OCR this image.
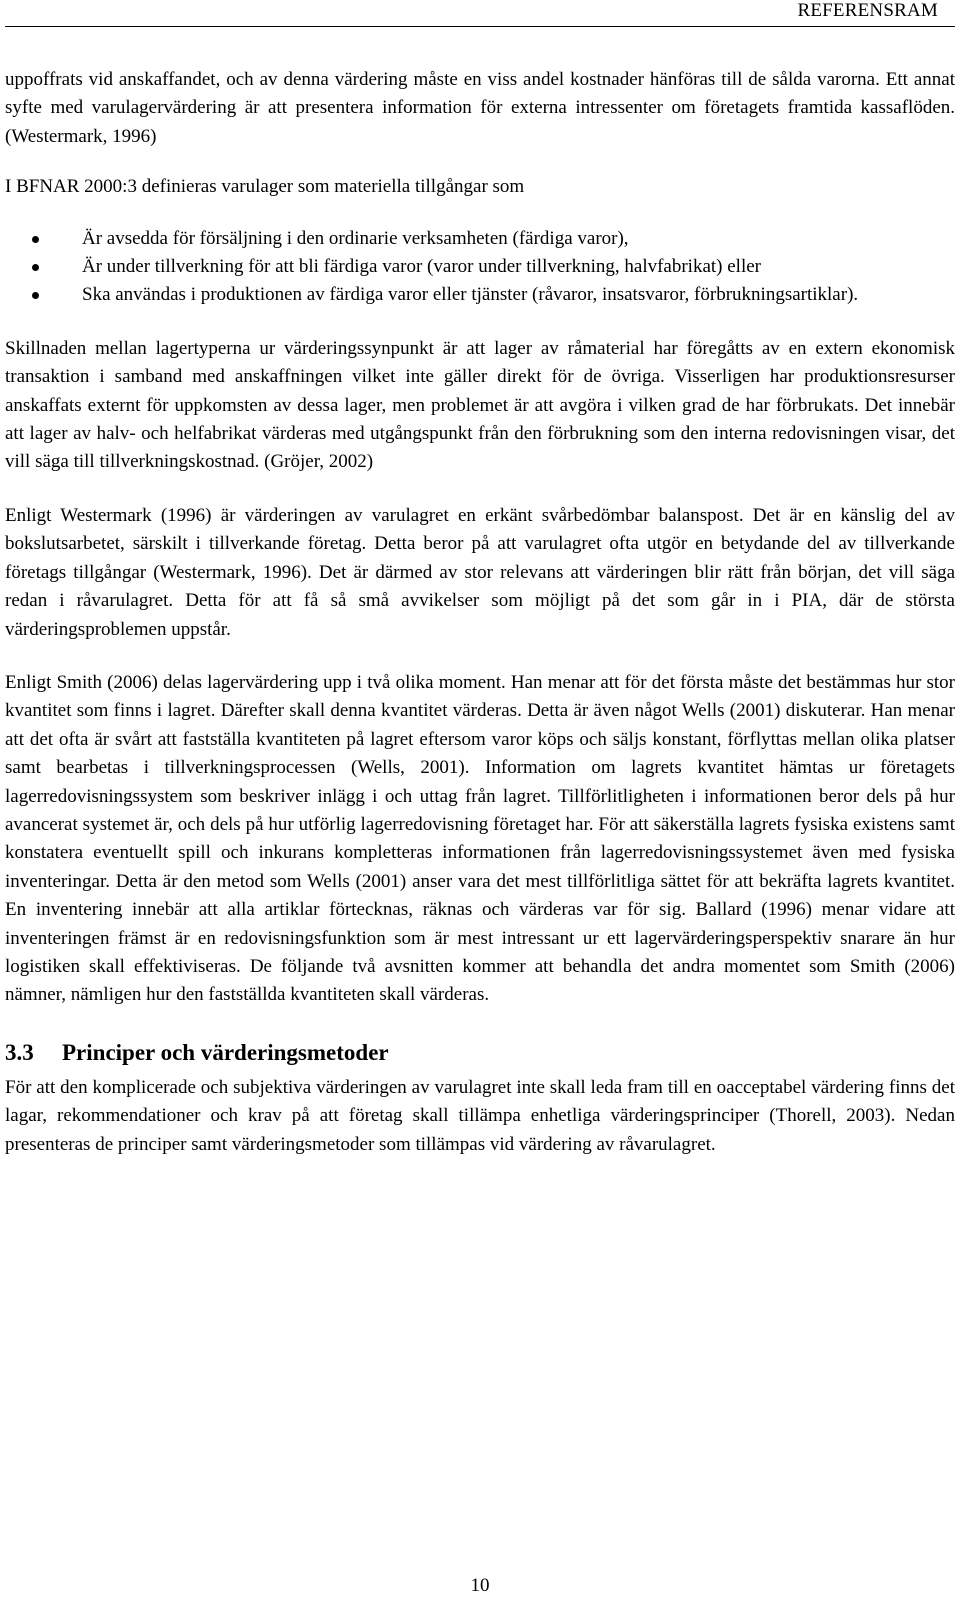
REFERENSRAM

uppoffrats vid anskaffandet, och av denna värdering måste en viss andel kostnader hänföras till de sålda varorna. Ett annat syfte med varulagervärdering är att presentera information för externa intressenter om företagets framtida kassaflöden. (Westermark, 1996)

I BFNAR 2000:3 definieras varulager som materiella tillgångar som

Är avsedda för försäljning i den ordinarie verksamheten (färdiga varor),
Är under tillverkning för att bli färdiga varor (varor under tillverkning, halvfabrikat) eller
Ska användas i produktionen av färdiga varor eller tjänster (råvaror, insatsvaror, förbrukningsartiklar).

Skillnaden mellan lagertyperna ur värderingssynpunkt är att lager av råmaterial har föregåtts av en extern ekonomisk transaktion i samband med anskaffningen vilket inte gäller direkt för de övriga. Visserligen har produktionsresurser anskaffats externt för uppkomsten av dessa lager, men problemet är att avgöra i vilken grad de har förbrukats. Det innebär att lager av halv- och helfabrikat värderas med utgångspunkt från den förbrukning som den interna redovisningen visar, det vill säga till tillverkningskostnad. (Gröjer, 2002)

Enligt Westermark (1996) är värderingen av varulagret en erkänt svårbedömbar balanspost. Det är en känslig del av bokslutsarbetet, särskilt i tillverkande företag. Detta beror på att varulagret ofta utgör en betydande del av tillverkande företags tillgångar (Westermark, 1996). Det är därmed av stor relevans att värderingen blir rätt från början, det vill säga redan i råvarulagret. Detta för att få så små avvikelser som möjligt på det som går in i PIA, där de största värderingsproblemen uppstår.

Enligt Smith (2006) delas lagervärdering upp i två olika moment. Han menar att för det första måste det bestämmas hur stor kvantitet som finns i lagret. Därefter skall denna kvantitet värderas. Detta är även något Wells (2001) diskuterar. Han menar att det ofta är svårt att fastställa kvantiteten på lagret eftersom varor köps och säljs konstant, förflyttas mellan olika platser samt bearbetas i tillverkningsprocessen (Wells, 2001). Information om lagrets kvantitet hämtas ur företagets lagerredovisningssystem som beskriver inlägg i och uttag från lagret. Tillförlitligheten i informationen beror dels på hur avancerat systemet är, och dels på hur utförlig lagerredovisning företaget har. För att säkerställa lagrets fysiska existens samt konstatera eventuellt spill och inkurans kompletteras informationen från lagerredovisningssystemet även med fysiska inventeringar. Detta är den metod som Wells (2001) anser vara det mest tillförlitliga sättet för att bekräfta lagrets kvantitet. En inventering innebär att alla artiklar förtecknas, räknas och värderas var för sig. Ballard (1996) menar vidare att inventeringen främst är en redovisningsfunktion som är mest intressant ur ett lagervärderingsperspektiv snarare än hur logistiken skall effektiviseras. De följande två avsnitten kommer att behandla det andra momentet som Smith (2006) nämner, nämligen hur den fastställda kvantiteten skall värderas.

3.3 Principer och värderingsmetoder

För att den komplicerade och subjektiva värderingen av varulagret inte skall leda fram till en oacceptabel värdering finns det lagar, rekommendationer och krav på att företag skall tillämpa enhetliga värderingsprinciper (Thorell, 2003). Nedan presenteras de principer samt värderingsmetoder som tillämpas vid värdering av råvarulagret.

10
